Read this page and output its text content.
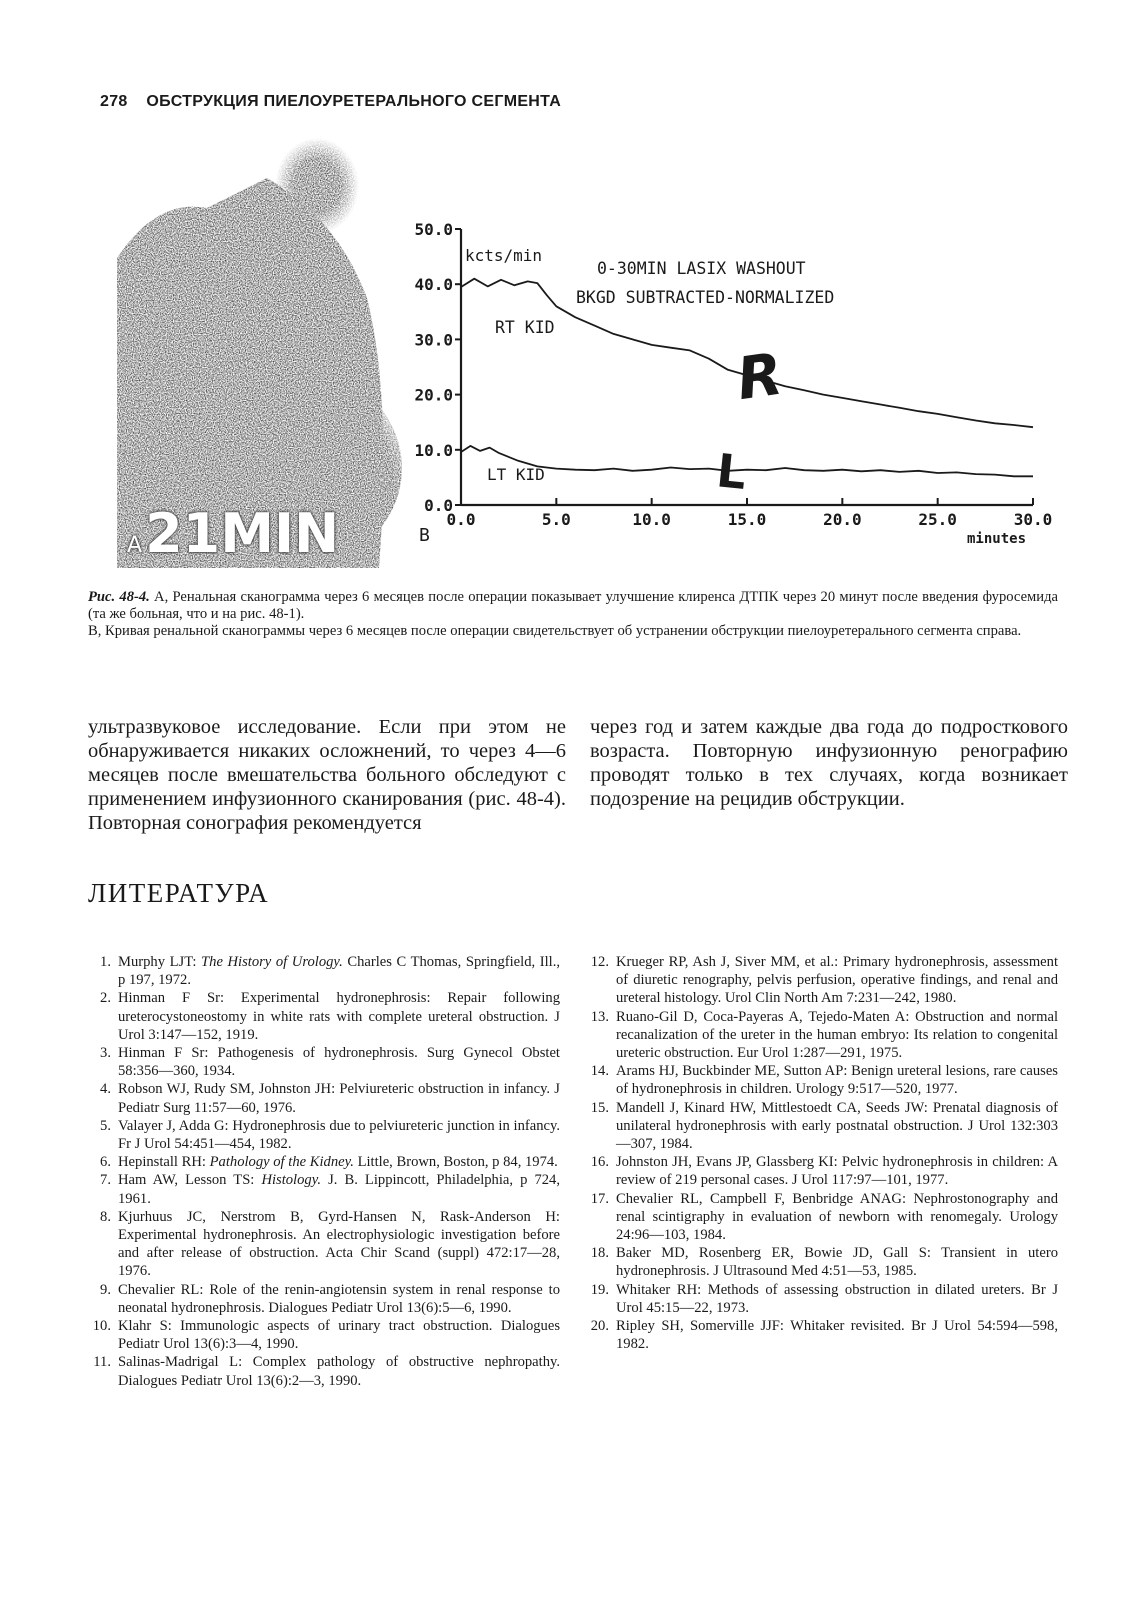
278 ОБСТРУКЦИЯ ПИЕЛОУРЕТЕРАЛЬНОГО СЕГМЕНТА
A21MIN	0.0
10.0
20.0
30.0
40.0
50.0
0.0	5.0	10.0	15.0	20.0	25.0	30.0
kcts/min
0-30MIN LASIX WASHOUT
BKGD SUBTRACTED-NORMALIZED
RT KID
LT KID
minutes
B
R
L

Рис. 48-4. А, Ренальная сканограмма через 6 месяцев после операции показывает улучшение клиренса ДТПК через 20 минут после введения фуросемида (та же больная, что и на рис. 48-1).

В, Кривая ренальной сканограммы через 6 месяцев после операции свидетельствует об устранении обструкции пиелоуретерального сегмента справа.

ультразвуковое исследование. Если при этом не обнаруживается никаких осложнений, то через 4—6 месяцев после вмешательства больного обследуют с применением инфузионного сканирования (рис. 48-4). Повторная сонография рекомендуется
через год и затем каждые два года до подросткового возраста. Повторную инфузионную ренографию проводят только в тех случаях, когда возникает подозрение на рецидив обструкции.
ЛИТЕРАТУРА
1. Murphy LJT: The History of Urology. Charles C Thomas, Springfield, Ill., p 197, 1972.
2. Hinman F Sr: Experimental hydronephrosis: Repair following ureterocystoneostomy in white rats with complete ureteral obstruction. J Urol 3:147—152, 1919.
3. Hinman F Sr: Pathogenesis of hydronephrosis. Surg Gynecol Obstet 58:356—360, 1934.
4. Robson WJ, Rudy SM, Johnston JH: Pelviureteric obstruction in infancy. J Pediatr Surg 11:57—60, 1976.
5. Valayer J, Adda G: Hydronephrosis due to pelviureteric junction in infancy. Fr J Urol 54:451—454, 1982.
6. Hepinstall RH: Pathology of the Kidney. Little, Brown, Boston, p 84, 1974.
7. Ham AW, Lesson TS: Histology. J. B. Lippincott, Philadelphia, p 724, 1961.
8. Kjurhuus JC, Nerstrom B, Gyrd-Hansen N, Rask-Anderson H: Experimental hydronephrosis. An electrophysiologic investigation before and after release of obstruction. Acta Chir Scand (suppl) 472:17—28, 1976.
9. Chevalier RL: Role of the renin-angiotensin system in renal response to neonatal hydronephrosis. Dialogues Pediatr Urol 13(6):5—6, 1990.
10. Klahr S: Immunologic aspects of urinary tract obstruction. Dialogues Pediatr Urol 13(6):3—4, 1990.
11. Salinas-Madrigal L: Complex pathology of obstructive nephropathy. Dialogues Pediatr Urol 13(6):2—3, 1990.
12. Krueger RP, Ash J, Siver MM, et al.: Primary hydronephrosis, assessment of diuretic renography, pelvis perfusion, operative findings, and renal and ureteral histology. Urol Clin North Am 7:231—242, 1980.
13. Ruano-Gil D, Coca-Payeras A, Tejedo-Maten A: Obstruction and normal recanalization of the ureter in the human embryo: Its relation to congenital ureteric obstruction. Eur Urol 1:287—291, 1975.
14. Arams HJ, Buckbinder ME, Sutton AP: Benign ureteral lesions, rare causes of hydronephrosis in children. Urology 9:517—520, 1977.
15. Mandell J, Kinard HW, Mittlestoedt CA, Seeds JW: Prenatal diagnosis of unilateral hydronephrosis with early postnatal obstruction. J Urol 132:303—307, 1984.
16. Johnston JH, Evans JP, Glassberg KI: Pelvic hydronephrosis in children: A review of 219 personal cases. J Urol 117:97—101, 1977.
17. Chevalier RL, Campbell F, Benbridge ANAG: Nephrostonography and renal scintigraphy in evaluation of newborn with renomegaly. Urology 24:96—103, 1984.
18. Baker MD, Rosenberg ER, Bowie JD, Gall S: Transient in utero hydronephrosis. J Ultrasound Med 4:51—53, 1985.
19. Whitaker RH: Methods of assessing obstruction in dilated ureters. Br J Urol 45:15—22, 1973.
20. Ripley SH, Somerville JJF: Whitaker revisited. Br J Urol 54:594—598, 1982.
